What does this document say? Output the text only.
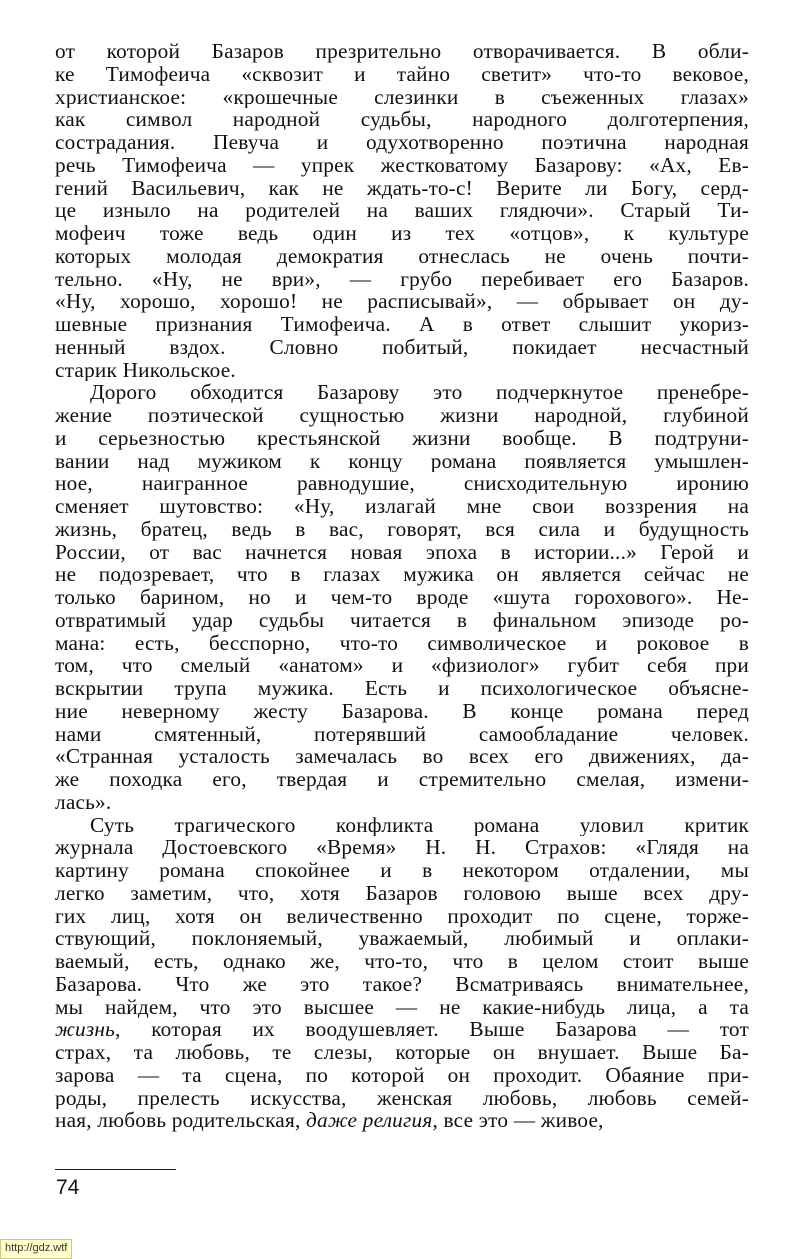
от которой Базаров презрительно отворачивается. В обли-
ке Тимофеича «сквозит и тайно светит» что-то вековое,
христианское: «крошечные слезинки в съеженных глазах»
как символ народной судьбы, народного долготерпения,
сострадания. Певуча и одухотворенно поэтична народная
речь Тимофеича — упрек жестковатому Базарову: «Ах, Ев-
гений Васильевич, как не ждать-то-с! Верите ли Богу, серд-
це изныло на родителей на ваших глядючи». Старый Ти-
мофеич тоже ведь один из тех «отцов», к культуре
которых молодая демократия отнеслась не очень почти-
тельно. «Ну, не ври», — грубо перебивает его Базаров.
«Ну, хорошо, хорошо! не расписывай», — обрывает он ду-
шевные признания Тимофеича. А в ответ слышит укориз-
ненный вздох. Словно побитый, покидает несчастный
старик Никольское.

Дорого обходится Базарову это подчеркнутое пренебре-
жение поэтической сущностью жизни народной, глубиной
и серьезностью крестьянской жизни вообще. В подтруни-
вании над мужиком к концу романа появляется умышлен-
ное, наигранное равнодушие, снисходительную иронию
сменяет шутовство: «Ну, излагай мне свои воззрения на
жизнь, братец, ведь в вас, говорят, вся сила и будущность
России, от вас начнется новая эпоха в истории...» Герой и
не подозревает, что в глазах мужика он является сейчас не
только барином, но и чем-то вроде «шута горохового». Не-
отвратимый удар судьбы читается в финальном эпизоде ро-
мана: есть, бесспорно, что-то символическое и роковое в
том, что смелый «анатом» и «физиолог» губит себя при
вскрытии трупа мужика. Есть и психологическое объясне-
ние неверному жесту Базарова. В конце романа перед
нами смятенный, потерявший самообладание человек.
«Странная усталость замечалась во всех его движениях, да-
же походка его, твердая и стремительно смелая, измени-
лась».

Суть трагического конфликта романа уловил критик
журнала Достоевского «Время» Н. Н. Страхов: «Глядя на
картину романа спокойнее и в некотором отдалении, мы
легко заметим, что, хотя Базаров головою выше всех дру-
гих лиц, хотя он величественно проходит по сцене, торже-
ствующий, поклоняемый, уважаемый, любимый и оплаки-
ваемый, есть, однако же, что-то, что в целом стоит выше
Базарова. Что же это такое? Всматриваясь внимательнее,
мы найдем, что это высшее — не какие-нибудь лица, а та
жизнь, которая их воодушевляет. Выше Базарова — тот
страх, та любовь, те слезы, которые он внушает. Выше Ба-
зарова — та сцена, по которой он проходит. Обаяние при-
роды, прелесть искусства, женская любовь, любовь семей-
ная, любовь родительская, даже религия, все это — живое,

74
http://gdz.wtf
